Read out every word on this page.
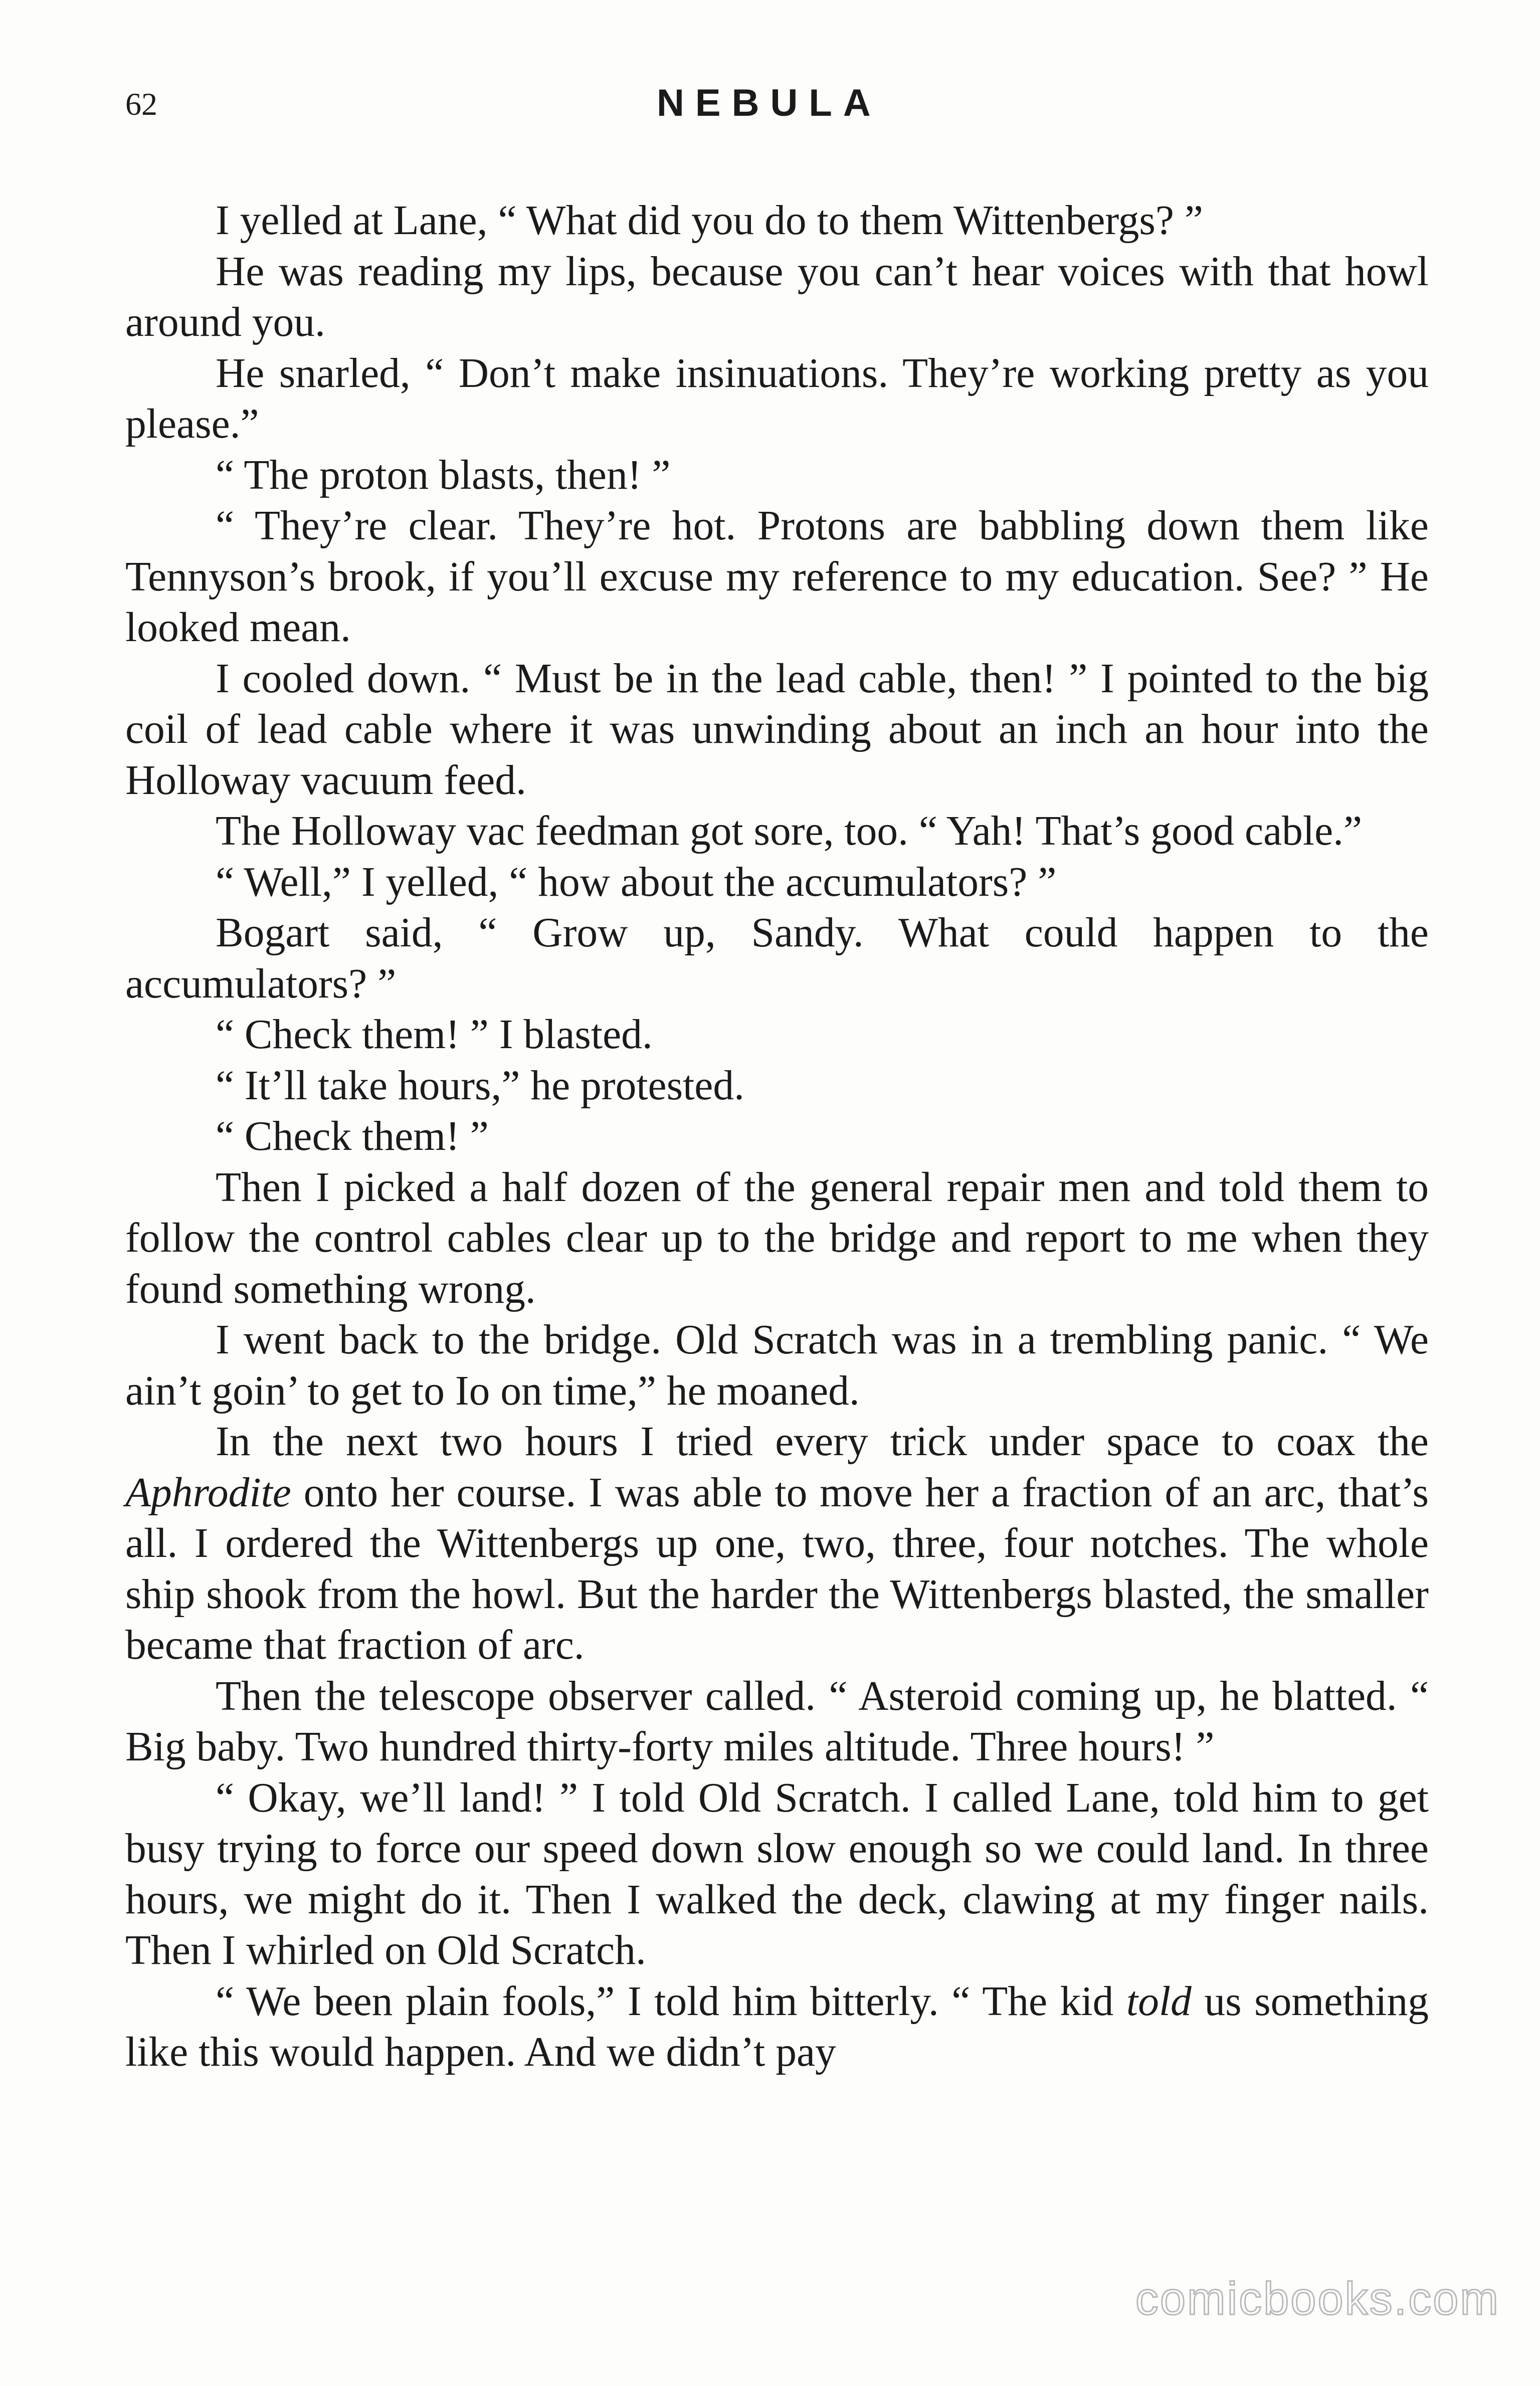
62	NEBULA

I yelled at Lane, “ What did you do to them Wittenbergs? ”

He was reading my lips, because you can’t hear voices with that howl around you.

He snarled, “ Don’t make insinuations. They’re working pretty as you please.”

“ The proton blasts, then! ”

“ They’re clear. They’re hot. Protons are babbling down them like Tennyson’s brook, if you’ll excuse my reference to my education. See? ” He looked mean.

I cooled down. “ Must be in the lead cable, then! ” I pointed to the big coil of lead cable where it was unwinding about an inch an hour into the Holloway vacuum feed.

The Holloway vac feedman got sore, too. “ Yah! That’s good cable.”

“ Well,” I yelled, “ how about the accumulators? ”

Bogart said, “ Grow up, Sandy. What could happen to the accumulators? ”

“ Check them! ” I blasted.

“ It’ll take hours,” he protested.

“ Check them! ”

Then I picked a half dozen of the general repair men and told them to follow the control cables clear up to the bridge and report to me when they found something wrong.

I went back to the bridge. Old Scratch was in a trembling panic. “ We ain’t goin’ to get to Io on time,” he moaned.

In the next two hours I tried every trick under space to coax the Aphrodite onto her course. I was able to move her a fraction of an arc, that’s all. I ordered the Wittenbergs up one, two, three, four notches. The whole ship shook from the howl. But the harder the Wittenbergs blasted, the smaller became that fraction of arc.

Then the telescope observer called. “ Asteroid coming up, he blatted. “ Big baby. Two hundred thirty-forty miles altitude. Three hours! ”

“ Okay, we’ll land! ” I told Old Scratch. I called Lane, told him to get busy trying to force our speed down slow enough so we could land. In three hours, we might do it. Then I walked the deck, clawing at my finger nails. Then I whirled on Old Scratch.

“ We been plain fools,” I told him bitterly. “ The kid told us something like this would happen. And we didn’t pay

comicbooks.com
